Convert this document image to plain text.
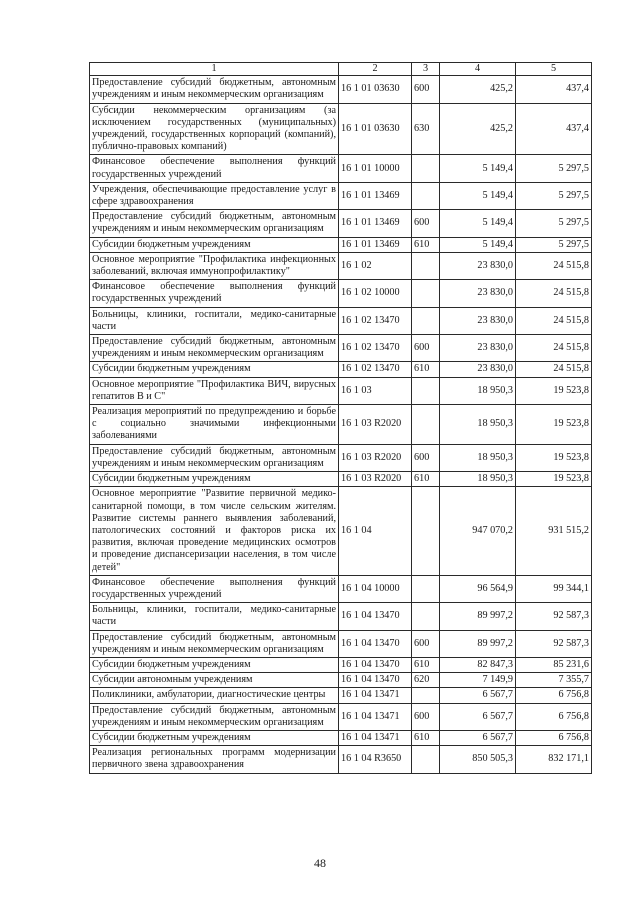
1	2	3	4	5
Предоставление субсидий бюджетным, автономным учреждениям и иным некоммерческим организациям	16 1 01 03630	600	425,2	437,4
Субсидии некоммерческим организациям (за исключением государственных (муниципальных) учреждений, государственных корпораций (компаний), публично-правовых компаний)	16 1 01 03630	630	425,2	437,4
Финансовое обеспечение выполнения функций государственных учреждений	16 1 01 10000		5 149,4	5 297,5
Учреждения, обеспечивающие предоставление услуг в сфере здравоохранения	16 1 01 13469		5 149,4	5 297,5
Предоставление субсидий бюджетным, автономным учреждениям и иным некоммерческим организациям	16 1 01 13469	600	5 149,4	5 297,5
Субсидии бюджетным учреждениям	16 1 01 13469	610	5 149,4	5 297,5
Основное мероприятие "Профилактика инфекционных заболеваний, включая иммунопрофилактику"	16 1 02		23 830,0	24 515,8
Финансовое обеспечение выполнения функций государственных учреждений	16 1 02 10000		23 830,0	24 515,8
Больницы, клиники, госпитали, медико-санитарные части	16 1 02 13470		23 830,0	24 515,8
Предоставление субсидий бюджетным, автономным учреждениям и иным некоммерческим организациям	16 1 02 13470	600	23 830,0	24 515,8
Субсидии бюджетным учреждениям	16 1 02 13470	610	23 830,0	24 515,8
Основное мероприятие "Профилактика ВИЧ, вирусных гепатитов В и С"	16 1 03		18 950,3	19 523,8
Реализация мероприятий по предупреждению и борьбе с социально значимыми инфекционными заболеваниями	16 1 03 R2020		18 950,3	19 523,8
Предоставление субсидий бюджетным, автономным учреждениям и иным некоммерческим организациям	16 1 03 R2020	600	18 950,3	19 523,8
Субсидии бюджетным учреждениям	16 1 03 R2020	610	18 950,3	19 523,8
Основное мероприятие "Развитие первичной медико-санитарной помощи, в том числе сельским жителям. Развитие системы раннего выявления заболеваний, патологических состояний и факторов риска их развития, включая проведение медицинских осмотров и проведение диспансеризации населения, в том числе детей"	16 1 04		947 070,2	931 515,2
Финансовое обеспечение выполнения функций государственных учреждений	16 1 04 10000		96 564,9	99 344,1
Больницы, клиники, госпитали, медико-санитарные части	16 1 04 13470		89 997,2	92 587,3
Предоставление субсидий бюджетным, автономным учреждениям и иным некоммерческим организациям	16 1 04 13470	600	89 997,2	92 587,3
Субсидии бюджетным учреждениям	16 1 04 13470	610	82 847,3	85 231,6
Субсидии автономным учреждениям	16 1 04 13470	620	7 149,9	7 355,7
Поликлиники, амбулатории, диагностические центры	16 1 04 13471		6 567,7	6 756,8
Предоставление субсидий бюджетным, автономным учреждениям и иным некоммерческим организациям	16 1 04 13471	600	6 567,7	6 756,8
Субсидии бюджетным учреждениям	16 1 04 13471	610	6 567,7	6 756,8
Реализация региональных программ модернизации первичного звена здравоохранения	16 1 04 R3650		850 505,3	832 171,1
48
